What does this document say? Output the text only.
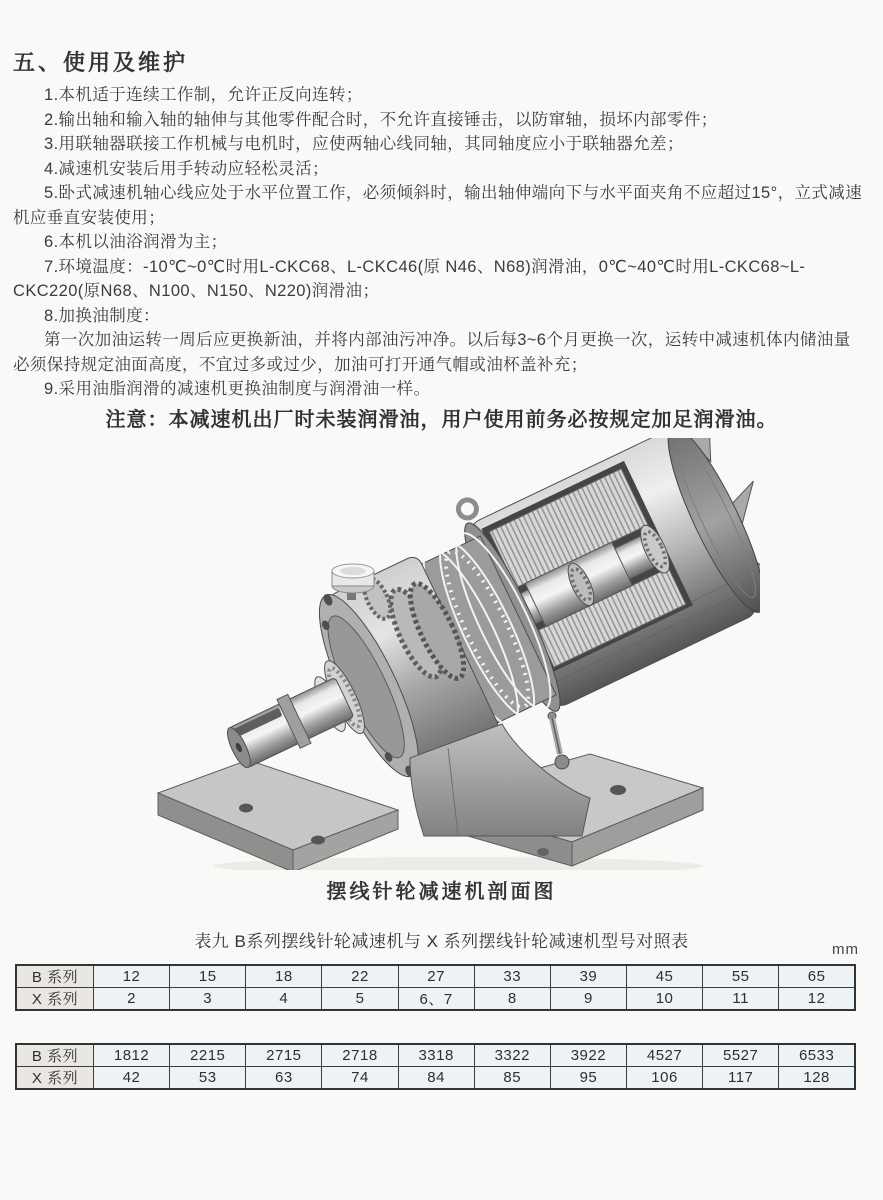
五、使用及维护

1.本机适于连续工作制，允许正反向连转；

2.输出轴和输入轴的轴伸与其他零件配合时，不允许直接锤击，以防窜轴，损坏内部零件；

3.用联轴器联接工作机械与电机时，应使两轴心线同轴，其同轴度应小于联轴器允差；

4.减速机安装后用手转动应轻松灵活；

5.卧式减速机轴心线应处于水平位置工作，必须倾斜时，输出轴伸端向下与水平面夹角不应超过15°，立式减速机应垂直安装使用；

6.本机以油浴润滑为主；

7.环境温度：-10℃~0℃时用L-CKC68、L-CKC46(原 N46、N68)润滑油，0℃~40℃时用L-CKC68~L-CKC220(原N68、N100、N150、N220)润滑油；

8.加换油制度：

第一次加油运转一周后应更换新油，并将内部油污冲净。以后每3~6个月更换一次，运转中减速机体内储油量必须保持规定油面高度，不宜过多或过少，加油可打开通气帽或油杯盖补充；

9.采用油脂润滑的减速机更换油制度与润滑油一样。

注意：本减速机出厂时未装润滑油，用户使用前务必按规定加足润滑油。

摆线针轮减速机剖面图

表九 B系列摆线针轮减速机与 X 系列摆线针轮减速机型号对照表	mm
B 系列	12	15	18	22	27	33	39	45	55	65
X 系列	2	3	4	5	6、7	8	9	10	11	12
B 系列	1812	2215	2715	2718	3318	3322	3922	4527	5527	6533
X 系列	42	53	63	74	84	85	95	106	117	128
